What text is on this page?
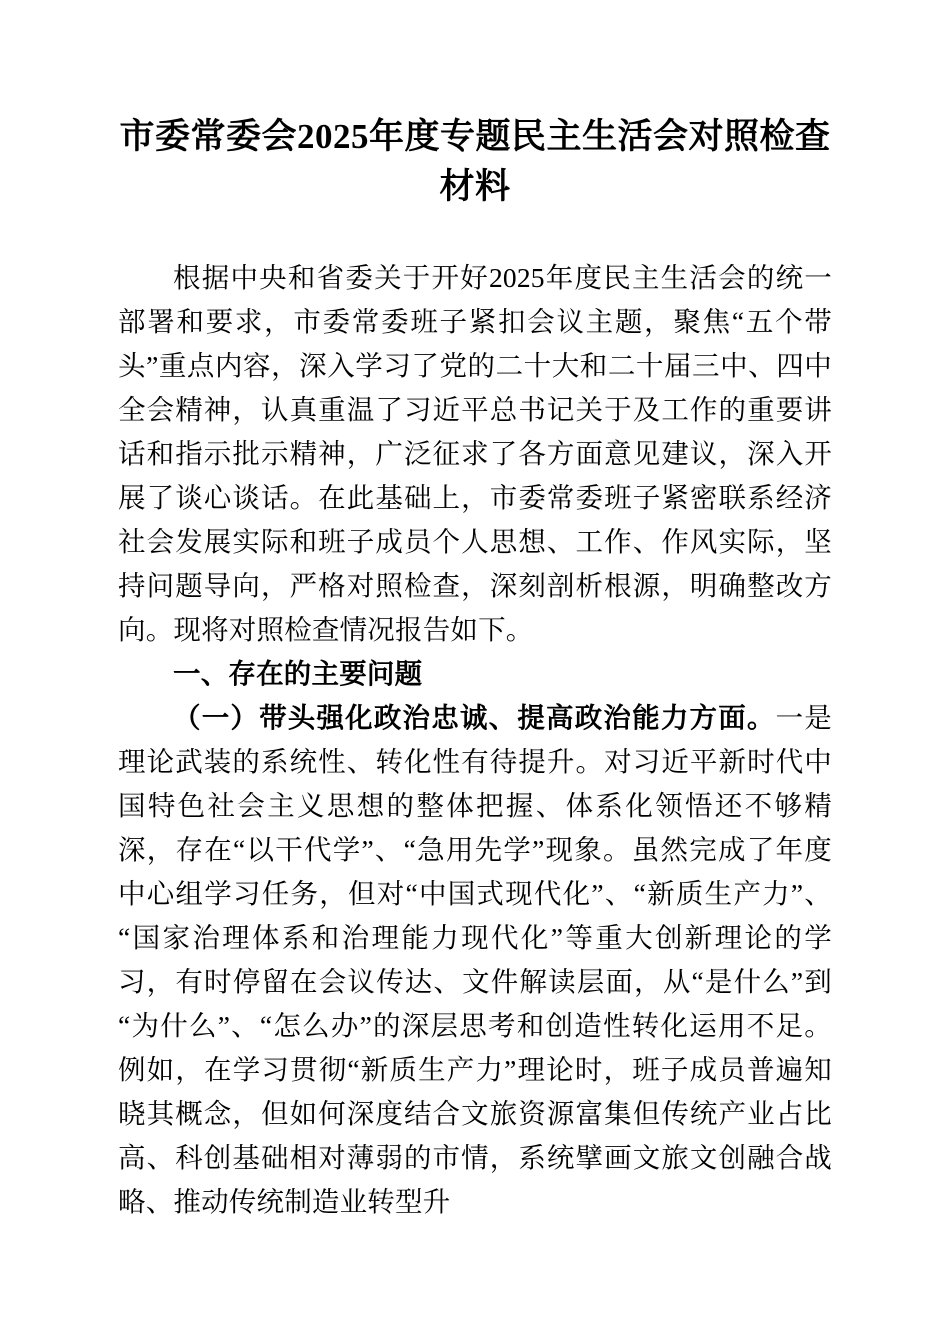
市委常委会2025年度专题民主生活会对照检查材料

根据中央和省委关于开好2025年度民主生活会的统一部署和要求，市委常委班子紧扣会议主题，聚焦“五个带头”重点内容，深入学习了党的二十大和二十届三中、四中全会精神，认真重温了习近平总书记关于及工作的重要讲话和指示批示精神，广泛征求了各方面意见建议，深入开展了谈心谈话。在此基础上，市委常委班子紧密联系经济社会发展实际和班子成员个人思想、工作、作风实际，坚持问题导向，严格对照检查，深刻剖析根源，明确整改方向。现将对照检查情况报告如下。

一、存在的主要问题

（一）带头强化政治忠诚、提高政治能力方面。一是理论武装的系统性、转化性有待提升。对习近平新时代中国特色社会主义思想的整体把握、体系化领悟还不够精深，存在“以干代学”、“急用先学”现象。虽然完成了年度中心组学习任务，但对“中国式现代化”、“新质生产力”、“国家治理体系和治理能力现代化”等重大创新理论的学习，有时停留在会议传达、文件解读层面，从“是什么”到“为什么”、“怎么办”的深层思考和创造性转化运用不足。例如，在学习贯彻“新质生产力”理论时，班子成员普遍知晓其概念，但如何深度结合文旅资源富集但传统产业占比高、科创基础相对薄弱的市情，系统擘画文旅文创融合战略、推动传统制造业转型升
